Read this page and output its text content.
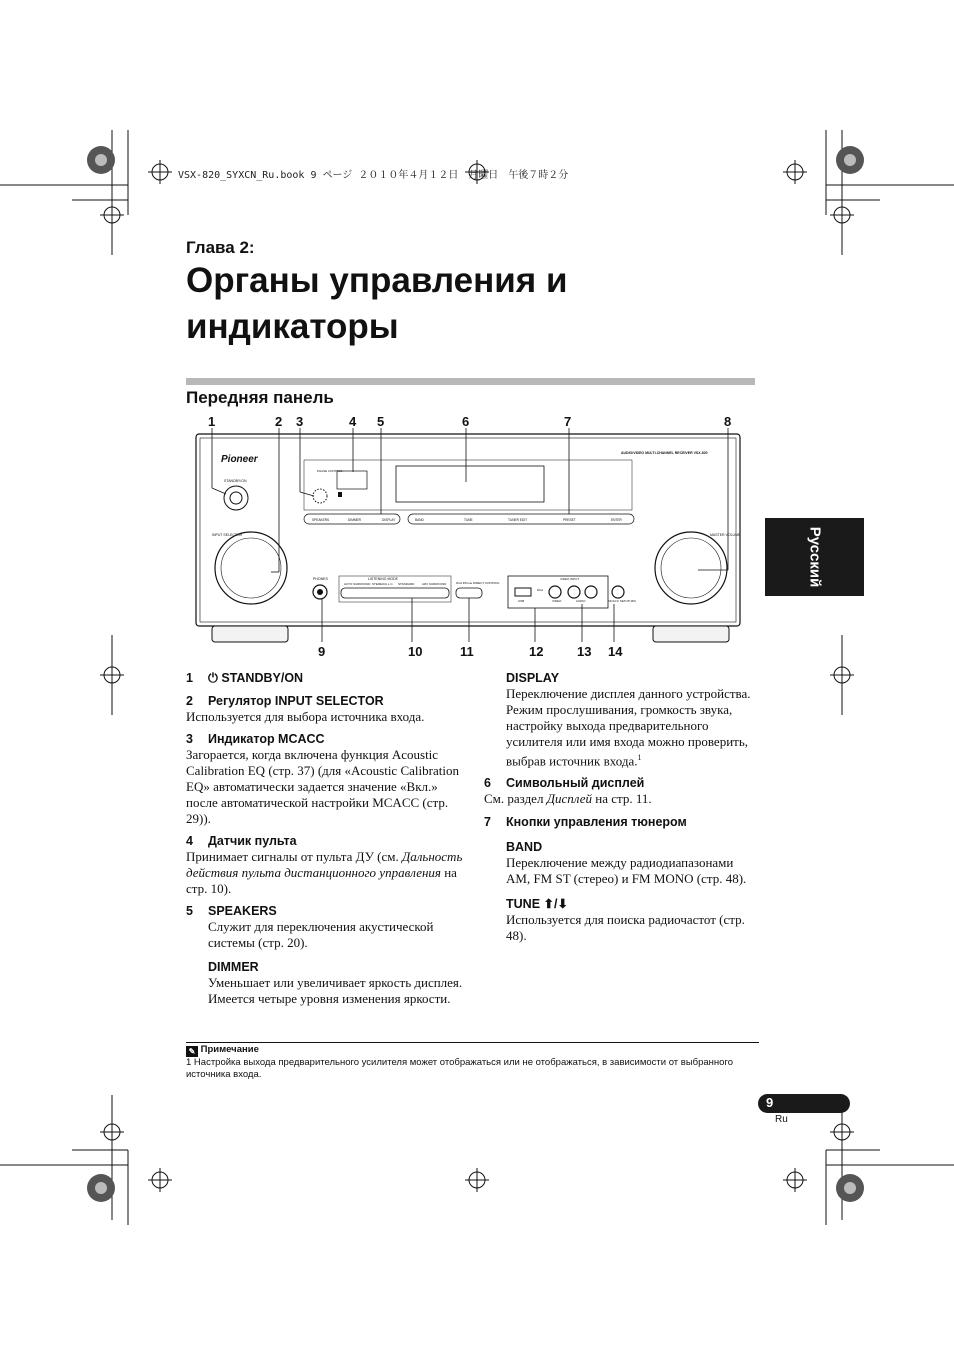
VSX-820_SYXCN_Ru.book 9 ページ ２０１０年４月１２日　月曜日　午後７時２分
Глава 2:
Органы управления и
индикаторы
Передняя панель
Русский
1	2 3	4 5	6	7	8
9	10	11	12	13 14
Pioneer
AUDIO/VIDEO MULTI-CHANNEL RECEIVER VSX-820
STANDBY/ON
INPUT SELECTOR	MASTER VOLUME
PHONES	LISTENING MODE
AUTO SURROUND STEREO/A.L.C. STANDARD	ADV SURROUND	iPod iPhone DIRECT CONTROL
VIDEO INPUT
USB
iPod
VIDEO	AUDIO	MCACC SETUP MIC
PHASE CONTROL
SPEAKERS	DIMMER	DISPLAY	BAND	TUNE	TUNER EDIT	PRESET	ENTER

1 ⏻ STANDBY/ON

2 Регулятор INPUT SELECTOR

Используется для выбора источника входа.

3 Индикатор MCACC

Загорается, когда включена функция Acoustic Calibration EQ (стр. 37) (для «Acoustic Calibration EQ» автоматически задается значение «Вкл.» после автоматической настройки MCACC (стр. 29)).

4 Датчик пульта

Принимает сигналы от пульта ДУ (см. Дальность действия пульта дистанционного управления на стр. 10).

5 SPEAKERS

Служит для переключения акустической системы (стр. 20).

DIMMER

Уменьшает или увеличивает яркость дисплея. Имеется четыре уровня изменения яркости.

DISPLAY

Переключение дисплея данного устройства. Режим прослушивания, громкость звука, настройку выхода предварительного усилителя или имя входа можно проверить, выбрав источник входа.$^1$

6 Символьный дисплей

См. раздел Дисплей на стр. 11.

7 Кнопки управления тюнером

BAND

Переключение между радиодиапазонами AM, FM ST (стерео) и FM MONO (стр. 48).

TUNE ⬆/⬇

Используется для поиска радиочастот (стр. 48).

✎ Примечание
1 Настройка выхода предварительного усилителя может отображаться или не отображаться, в зависимости от выбранного источника входа.
9
Ru
